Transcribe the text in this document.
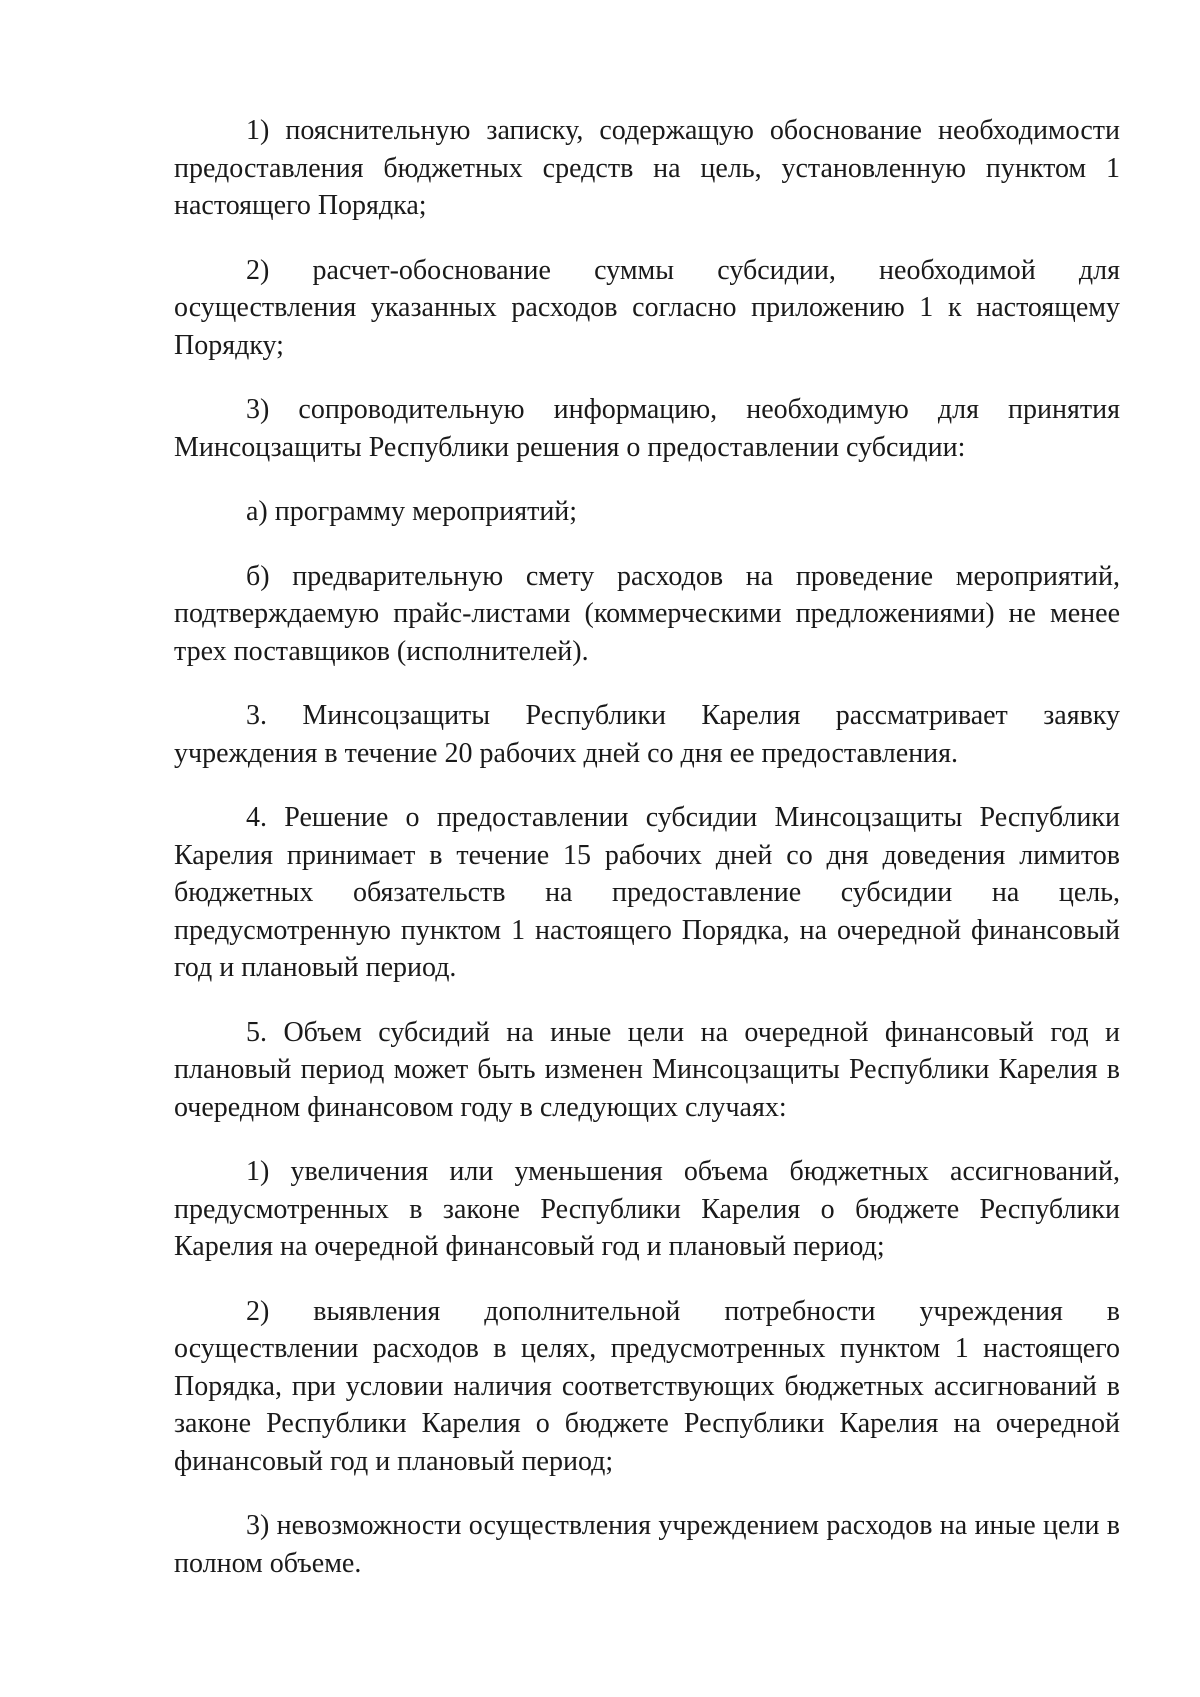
1) пояснительную записку, содержащую обоснование необходимости предоставления бюджетных средств на цель, установленную пунктом 1 настоящего Порядка;

2) расчет-обоснование суммы субсидии, необходимой для осуществления указанных расходов согласно приложению 1 к настоящему Порядку;

3) сопроводительную информацию, необходимую для принятия Минсоцзащиты Республики решения о предоставлении субсидии:

а) программу мероприятий;

б) предварительную смету расходов на проведение мероприятий, подтверждаемую прайс-листами (коммерческими предложениями) не менее трех поставщиков (исполнителей).

3. Минсоцзащиты Республики Карелия рассматривает заявку учреждения в течение 20 рабочих дней со дня ее предоставления.

4. Решение о предоставлении субсидии Минсоцзащиты Республики Карелия принимает в течение 15 рабочих дней со дня доведения лимитов бюджетных обязательств на предоставление субсидии на цель, предусмотренную пунктом 1 настоящего Порядка, на очередной финансовый год и плановый период.

5. Объем субсидий на иные цели на очередной финансовый год и плановый период может быть изменен Минсоцзащиты Республики Карелия в очередном финансовом году в следующих случаях:

1) увеличения или уменьшения объема бюджетных ассигнований, предусмотренных в законе Республики Карелия о бюджете Республики Карелия на очередной финансовый год и плановый период;

2) выявления дополнительной потребности учреждения в осуществлении расходов в целях, предусмотренных пунктом 1 настоящего Порядка, при условии наличия соответствующих бюджетных ассигнований в законе Республики Карелия о бюджете Республики Карелия на очередной финансовый год и плановый период;

3) невозможности осуществления учреждением расходов на иные цели в полном объеме.
